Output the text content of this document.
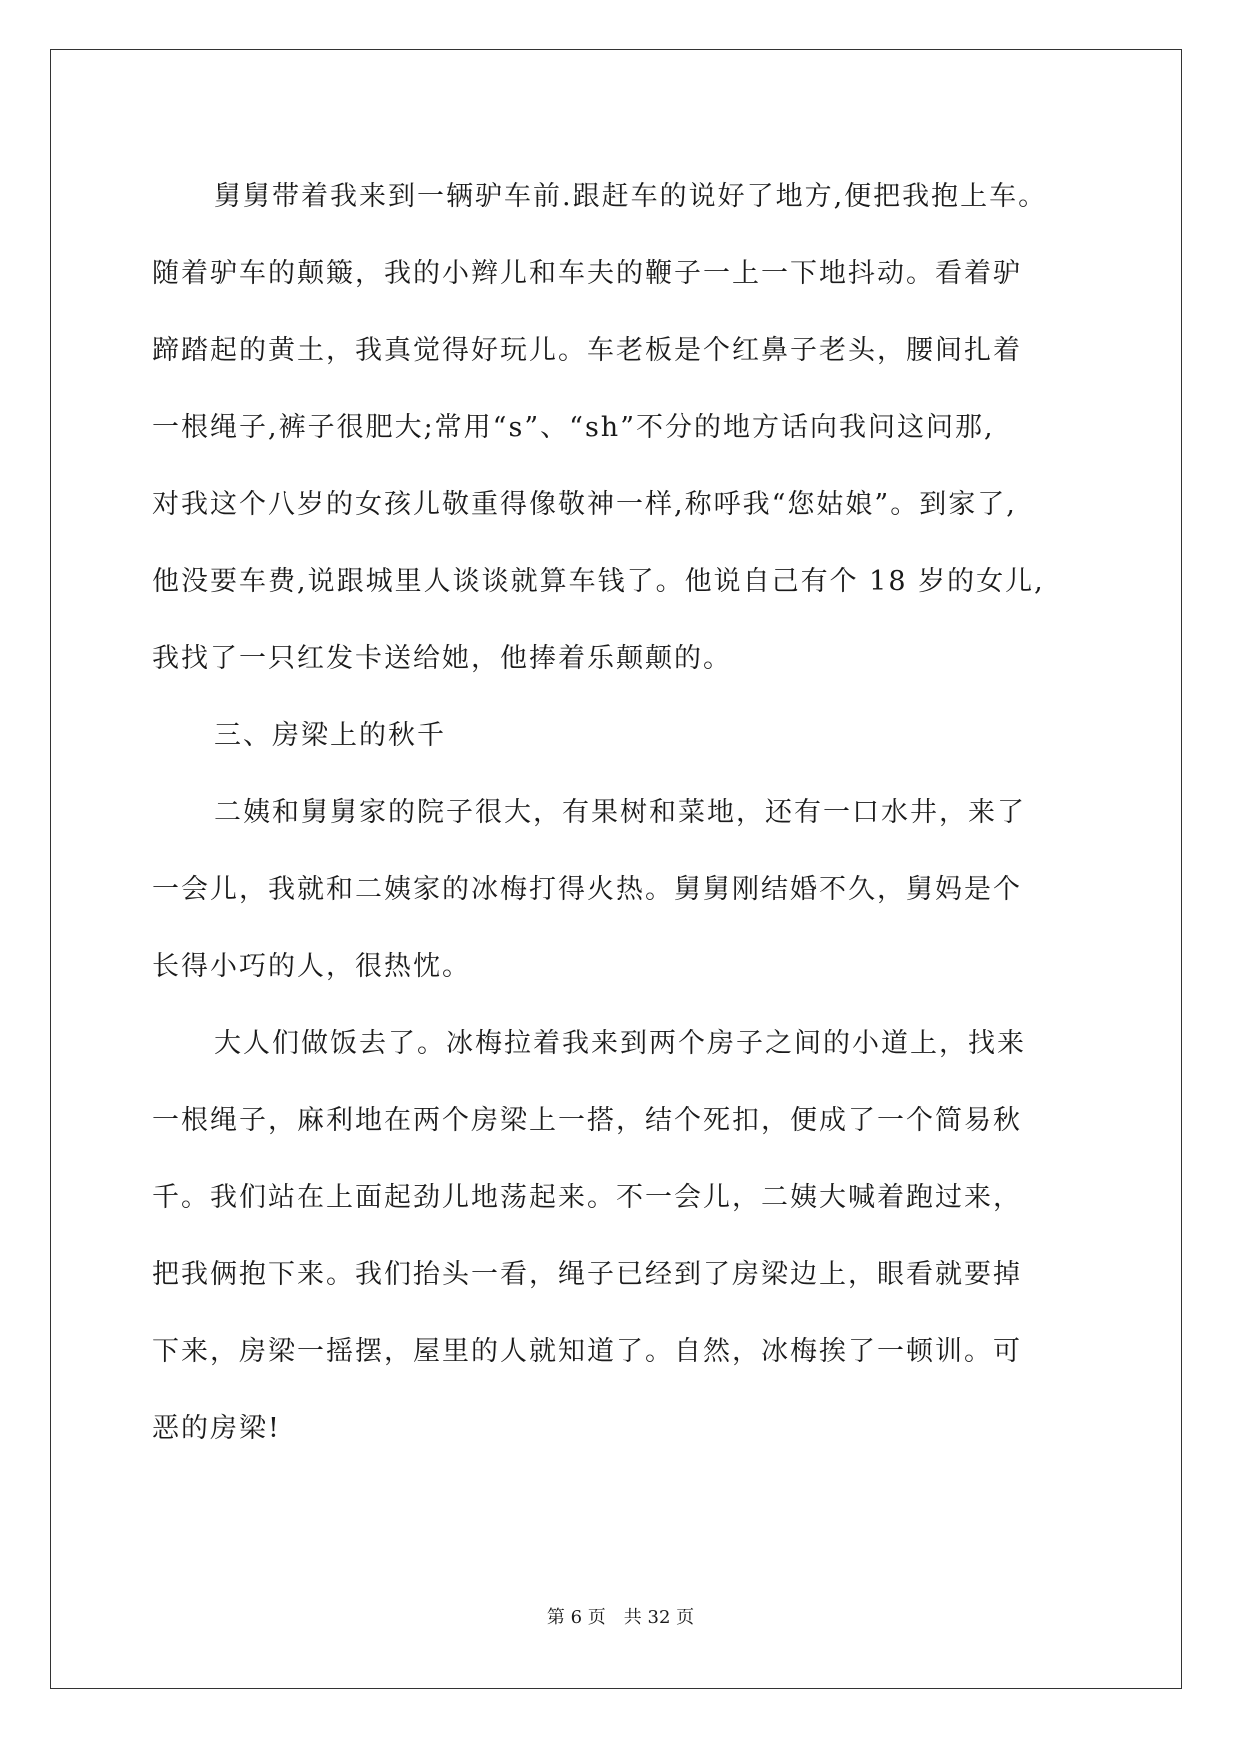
舅舅带着我来到一辆驴车前.跟赶车的说好了地方,便把我抱上车。

随着驴车的颠簸，我的小辫儿和车夫的鞭子一上一下地抖动。看着驴

蹄踏起的黄土，我真觉得好玩儿。车老板是个红鼻子老头，腰间扎着

一根绳子,裤子很肥大;常用“s”、“sh”不分的地方话向我问这问那,

对我这个八岁的女孩儿敬重得像敬神一样,称呼我“您姑娘”。到家了,

他没要车费,说跟城里人谈谈就算车钱了。他说自己有个 18 岁的女儿,

我找了一只红发卡送给她，他捧着乐颠颠的。

三、房梁上的秋千

二姨和舅舅家的院子很大，有果树和菜地，还有一口水井，来了

一会儿，我就和二姨家的冰梅打得火热。舅舅刚结婚不久，舅妈是个

长得小巧的人，很热忱。

大人们做饭去了。冰梅拉着我来到两个房子之间的小道上，找来

一根绳子，麻利地在两个房梁上一搭，结个死扣，便成了一个简易秋

千。我们站在上面起劲儿地荡起来。不一会儿，二姨大喊着跑过来，

把我俩抱下来。我们抬头一看，绳子已经到了房梁边上，眼看就要掉

下来，房梁一摇摆，屋里的人就知道了。自然，冰梅挨了一顿训。可

恶的房梁!

第 6 页 共 32 页
